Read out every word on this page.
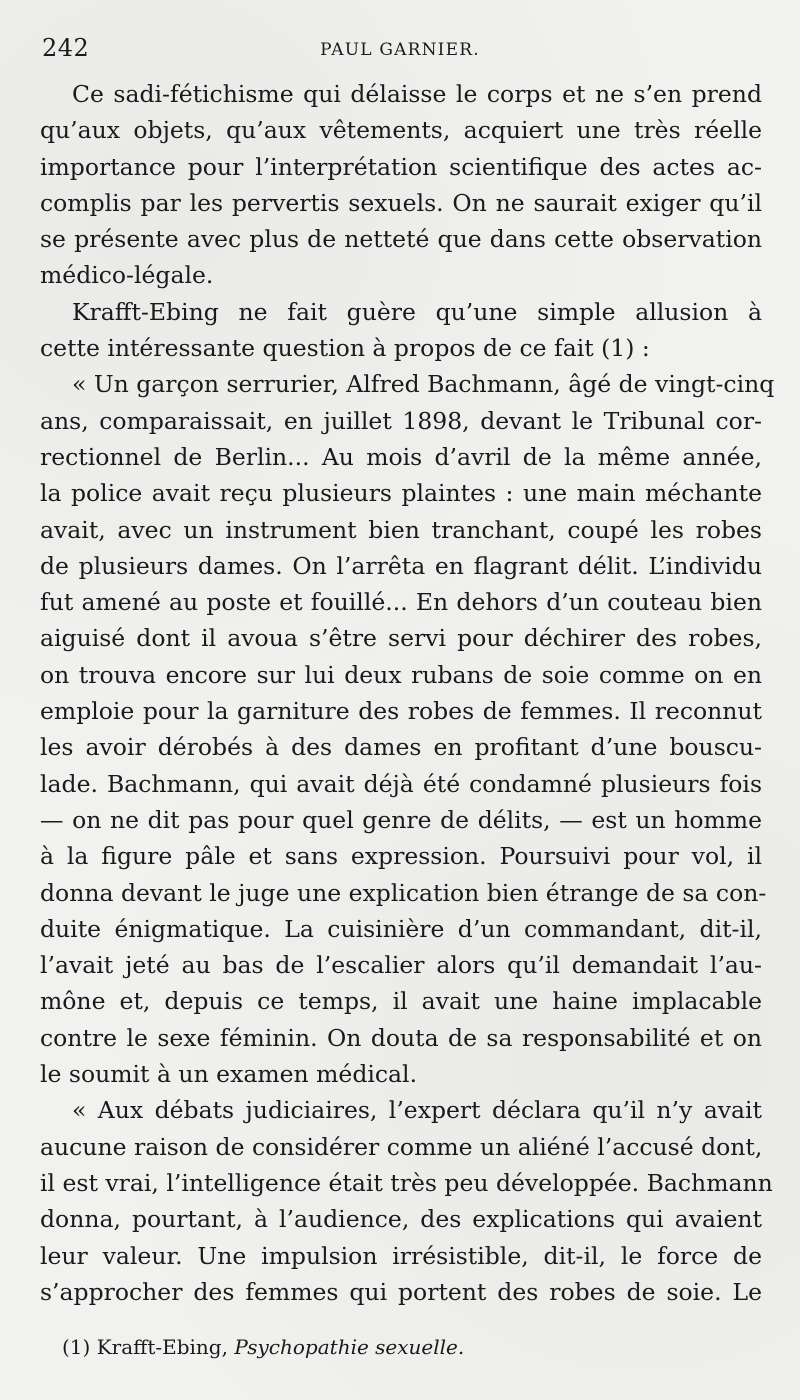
242	PAUL GARNIER.

Ce sadi-fétichisme qui délaisse le corps et ne s’en prend
qu’aux objets, qu’aux vêtements, acquiert une très réelle
importance pour l’interprétation scientifique des actes ac-
complis par les pervertis sexuels. On ne saurait exiger qu’il
se présente avec plus de netteté que dans cette observation
médico-légale.

Krafft-Ebing ne fait guère qu’une simple allusion à
cette intéressante question à propos de ce fait (1) :

« Un garçon serrurier, Alfred Bachmann, âgé de vingt-cinq
ans, comparaissait, en juillet 1898, devant le Tribunal cor-
rectionnel de Berlin... Au mois d’avril de la même année,
la police avait reçu plusieurs plaintes : une main méchante
avait, avec un instrument bien tranchant, coupé les robes
de plusieurs dames. On l’arrêta en flagrant délit. L’individu
fut amené au poste et fouillé... En dehors d’un couteau bien
aiguisé dont il avoua s’être servi pour déchirer des robes,
on trouva encore sur lui deux rubans de soie comme on en
emploie pour la garniture des robes de femmes. Il reconnut
les avoir dérobés à des dames en profitant d’une bouscu-
lade. Bachmann, qui avait déjà été condamné plusieurs fois
— on ne dit pas pour quel genre de délits, — est un homme
à la figure pâle et sans expression. Poursuivi pour vol, il
donna devant le juge une explication bien étrange de sa con-
duite énigmatique. La cuisinière d’un commandant, dit-il,
l’avait jeté au bas de l’escalier alors qu’il demandait l’au-
mône et, depuis ce temps, il avait une haine implacable
contre le sexe féminin. On douta de sa responsabilité et on
le soumit à un examen médical.

« Aux débats judiciaires, l’expert déclara qu’il n’y avait
aucune raison de considérer comme un aliéné l’accusé dont,
il est vrai, l’intelligence était très peu développée. Bachmann
donna, pourtant, à l’audience, des explications qui avaient
leur valeur. Une impulsion irrésistible, dit-il, le force de
s’approcher des femmes qui portent des robes de soie. Le

(1) Krafft-Ebing, Psychopathie sexuelle.
